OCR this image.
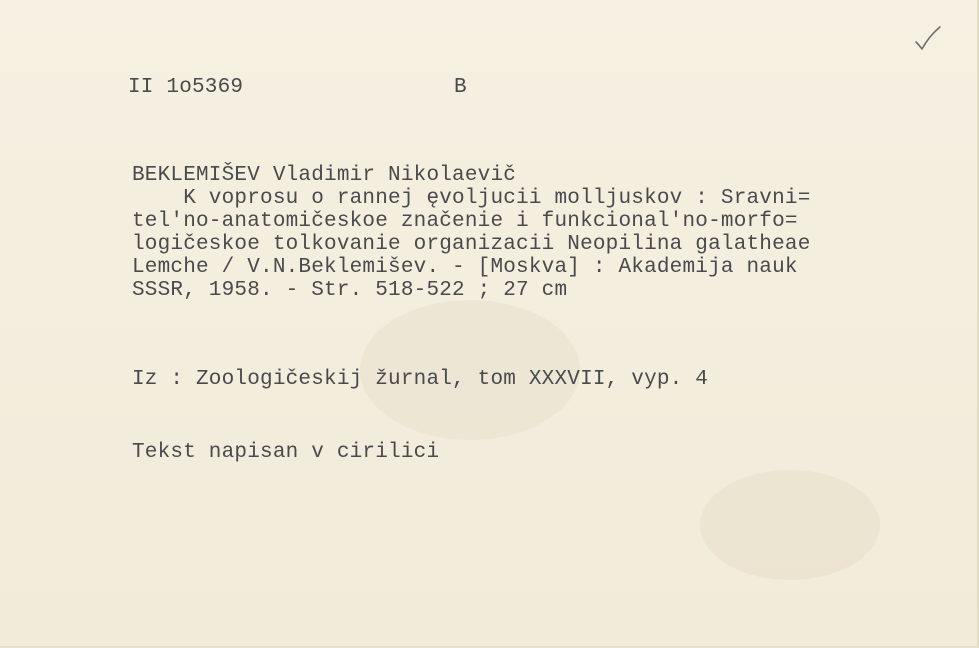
II 1o5369	B

BEKLEMIŠEV Vladimir Nikolaevič

K voprosu o rannej ęvoljucii molljuskov : Sravni=
tel'no-anatomičeskoe značenie i funkcional'no-morfo=
logičeskoe tolkovanie organizacii Neopilina galatheae
Lemche / V.N.Beklemišev. - [Moskva] : Akademija nauk
SSSR, 1958. - Str. 518-522 ; 27 cm

Iz : Zoologičeskij žurnal, tom XXXVII, vyp. 4

Tekst napisan v cirilici
